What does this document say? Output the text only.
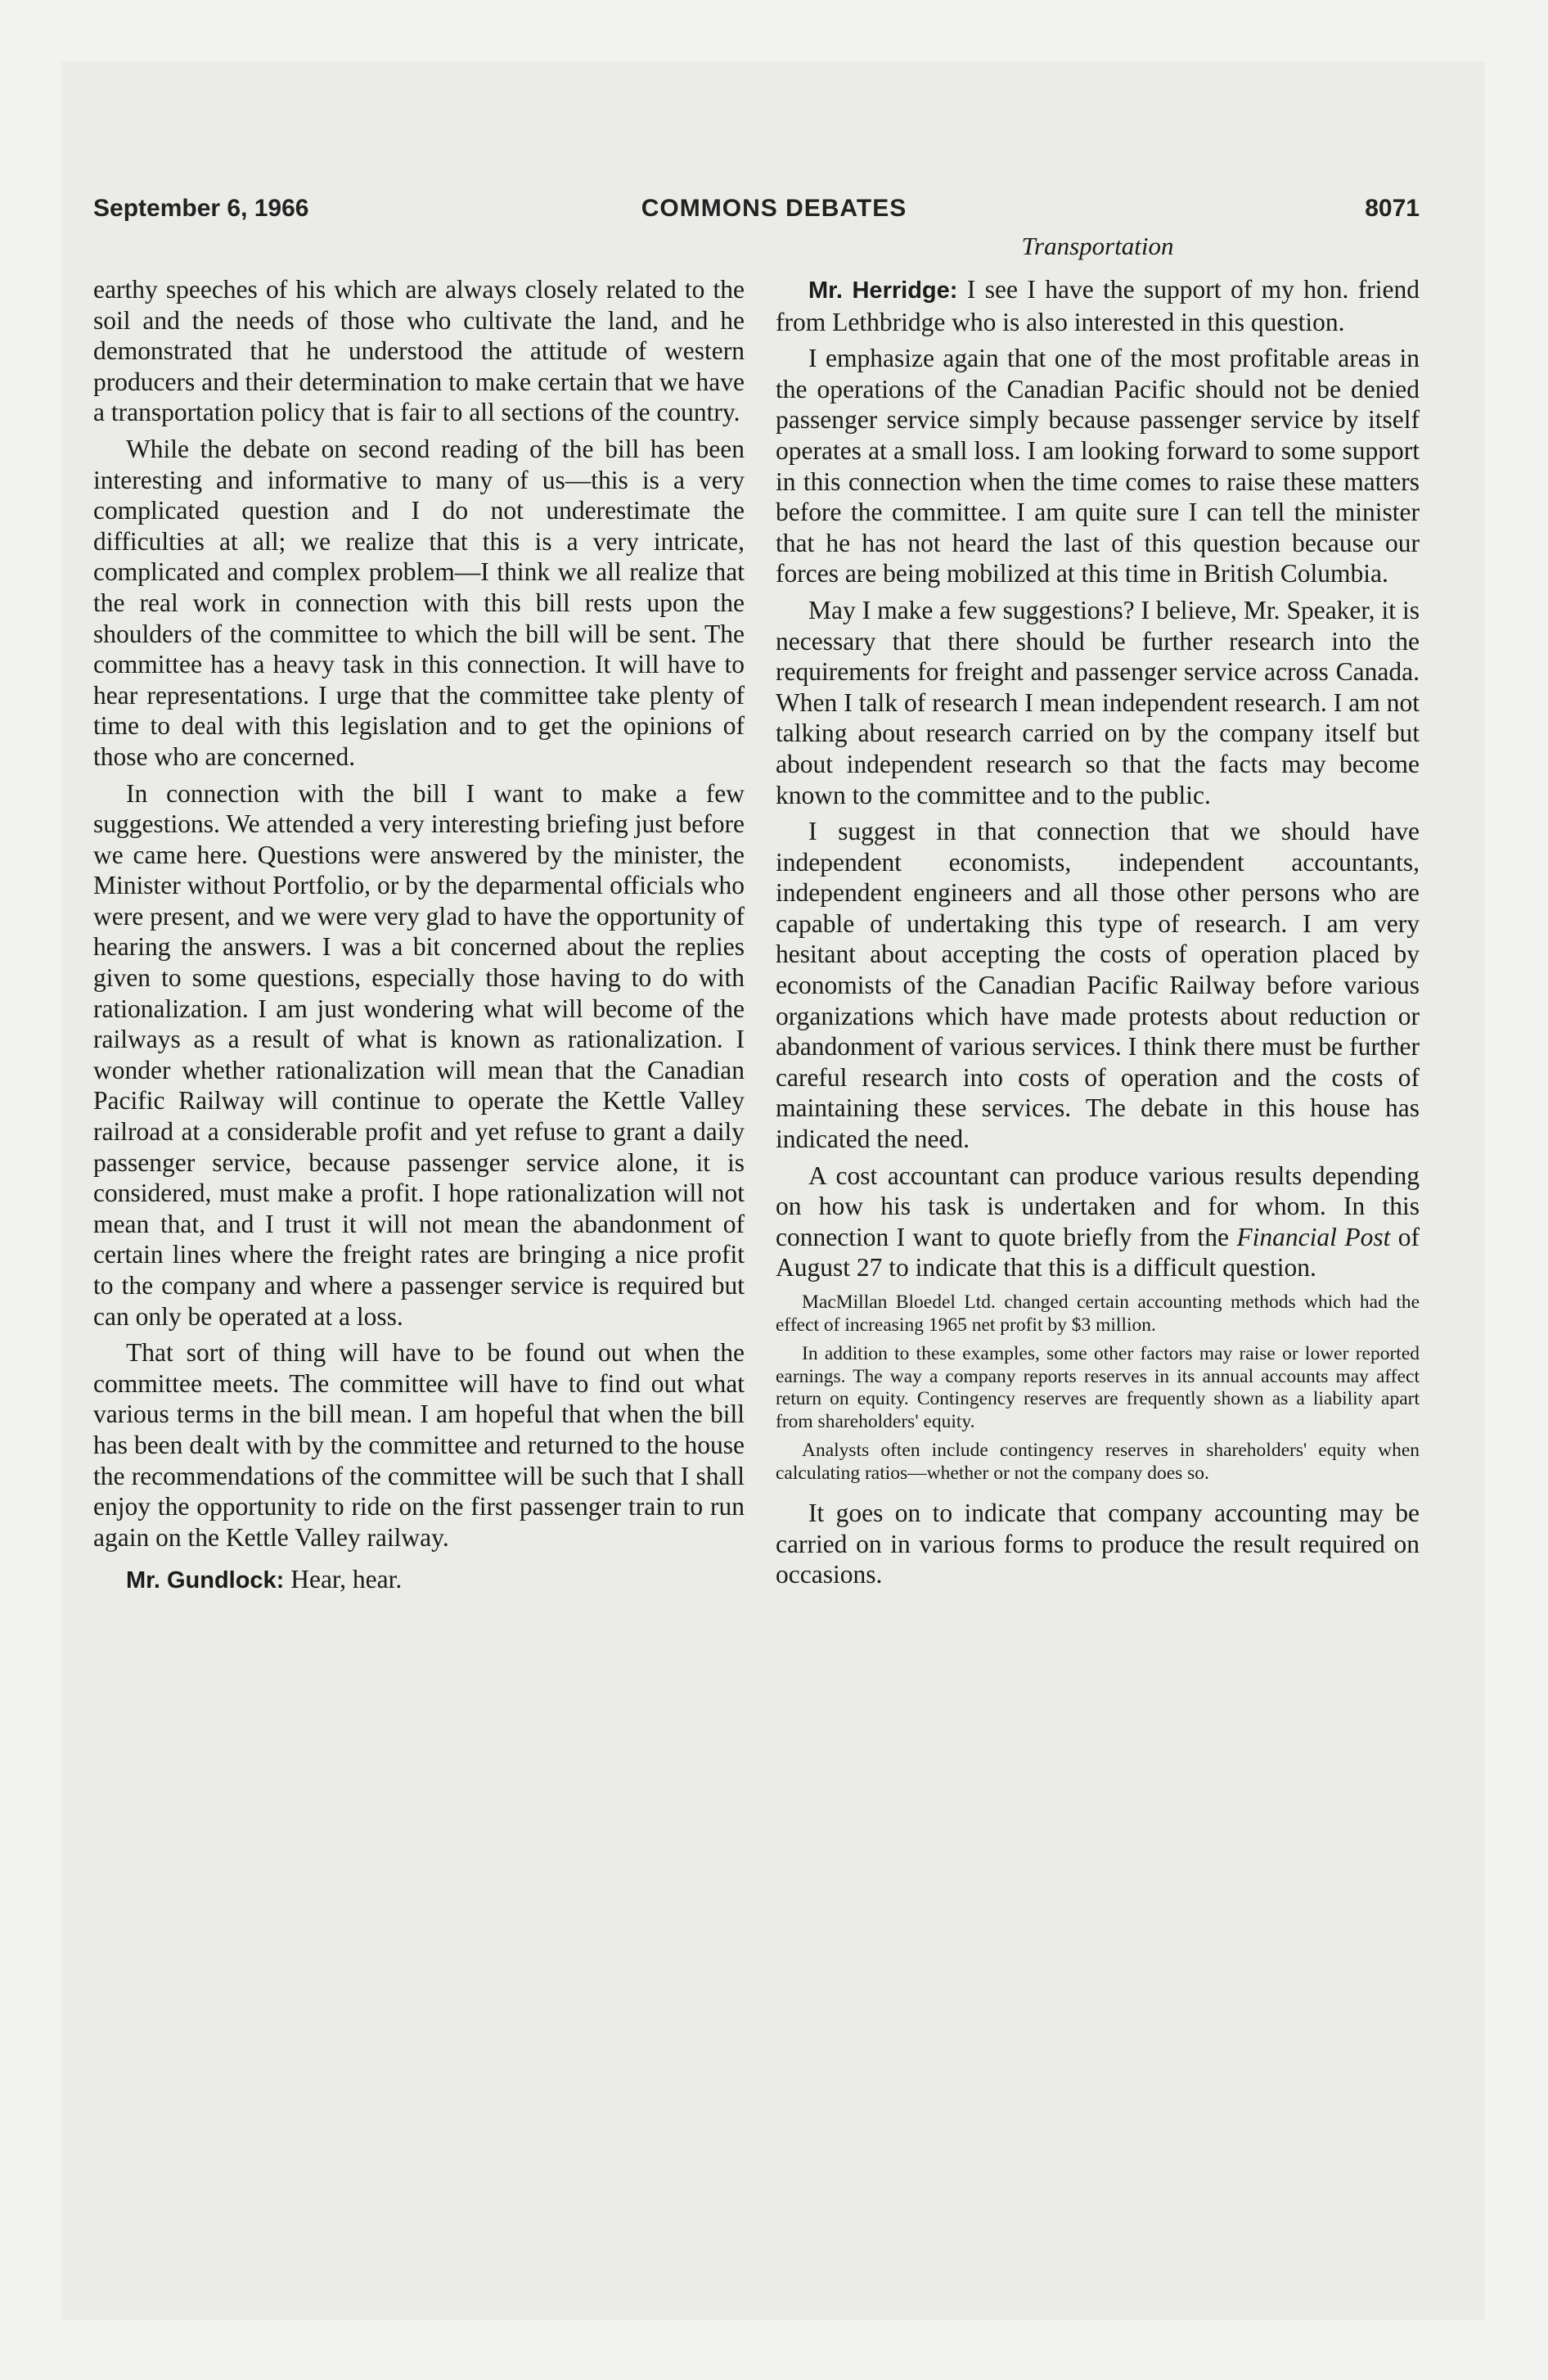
September 6, 1966	COMMONS DEBATES	8071

Transportation

earthy speeches of his which are always closely related to the soil and the needs of those who cultivate the land, and he demonstrated that he understood the attitude of western producers and their determination to make certain that we have a transportation policy that is fair to all sections of the country.

While the debate on second reading of the bill has been interesting and informative to many of us—this is a very complicated question and I do not underestimate the difficulties at all; we realize that this is a very intricate, complicated and complex problem—I think we all realize that the real work in connection with this bill rests upon the shoulders of the committee to which the bill will be sent. The committee has a heavy task in this connection. It will have to hear representations. I urge that the committee take plenty of time to deal with this legislation and to get the opinions of those who are concerned.

In connection with the bill I want to make a few suggestions. We attended a very interesting briefing just before we came here. Questions were answered by the minister, the Minister without Portfolio, or by the deparmental officials who were present, and we were very glad to have the opportunity of hearing the answers. I was a bit concerned about the replies given to some questions, especially those having to do with rationalization. I am just wondering what will become of the railways as a result of what is known as rationalization. I wonder whether rationalization will mean that the Canadian Pacific Railway will continue to operate the Kettle Valley railroad at a considerable profit and yet refuse to grant a daily passenger service, because passenger service alone, it is considered, must make a profit. I hope rationalization will not mean that, and I trust it will not mean the abandonment of certain lines where the freight rates are bringing a nice profit to the company and where a passenger service is required but can only be operated at a loss.

That sort of thing will have to be found out when the committee meets. The committee will have to find out what various terms in the bill mean. I am hopeful that when the bill has been dealt with by the committee and returned to the house the recommendations of the committee will be such that I shall enjoy the opportunity to ride on the first passenger train to run again on the Kettle Valley railway.

Mr. Gundlock: Hear, hear.

Mr. Herridge: I see I have the support of my hon. friend from Lethbridge who is also interested in this question.

I emphasize again that one of the most profitable areas in the operations of the Canadian Pacific should not be denied passenger service simply because passenger service by itself operates at a small loss. I am looking forward to some support in this connection when the time comes to raise these matters before the committee. I am quite sure I can tell the minister that he has not heard the last of this question because our forces are being mobilized at this time in British Columbia.

May I make a few suggestions? I believe, Mr. Speaker, it is necessary that there should be further research into the requirements for freight and passenger service across Canada. When I talk of research I mean independent research. I am not talking about research carried on by the company itself but about independent research so that the facts may become known to the committee and to the public.

I suggest in that connection that we should have independent economists, independent accountants, independent engineers and all those other persons who are capable of undertaking this type of research. I am very hesitant about accepting the costs of operation placed by economists of the Canadian Pacific Railway before various organizations which have made protests about reduction or abandonment of various services. I think there must be further careful research into costs of operation and the costs of maintaining these services. The debate in this house has indicated the need.

A cost accountant can produce various results depending on how his task is undertaken and for whom. In this connection I want to quote briefly from the Financial Post of August 27 to indicate that this is a difficult question.

MacMillan Bloedel Ltd. changed certain accounting methods which had the effect of increasing 1965 net profit by $3 million.
In addition to these examples, some other factors may raise or lower reported earnings. The way a company reports reserves in its annual accounts may affect return on equity. Contingency reserves are frequently shown as a liability apart from shareholders' equity.
Analysts often include contingency reserves in shareholders' equity when calculating ratios—whether or not the company does so.

It goes on to indicate that company accounting may be carried on in various forms to produce the result required on occasions.
